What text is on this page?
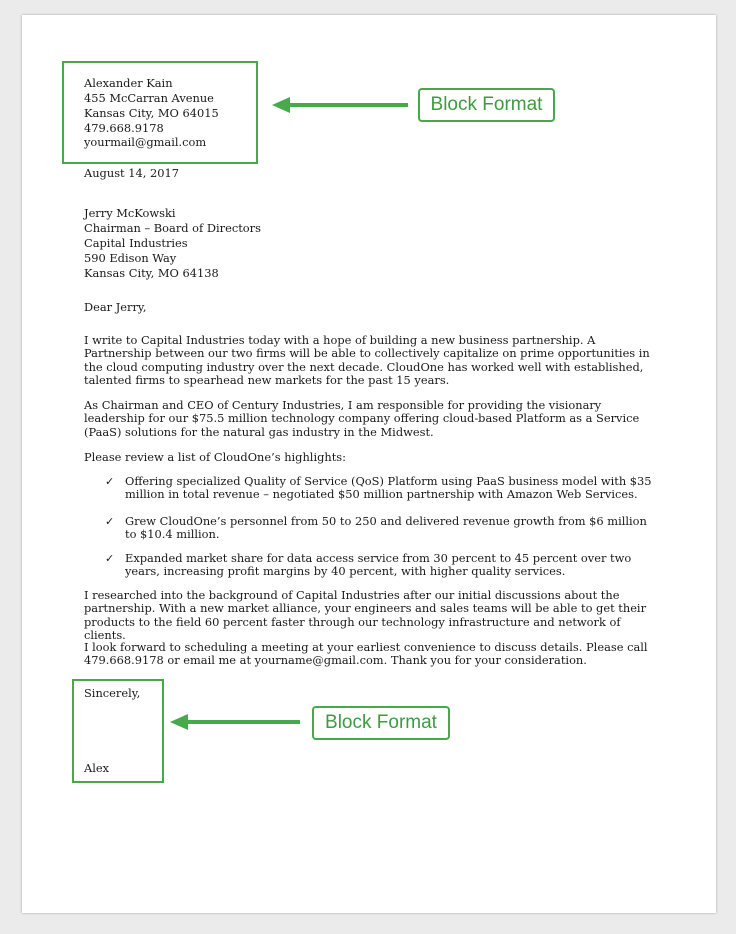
Alexander Kain
455 McCarran Avenue
Kansas City, MO 64015
479.668.9178
yourmail@gmail.com
August 14, 2017
Jerry McKowski
Chairman – Board of Directors
Capital Industries
590 Edison Way
Kansas City, MO 64138
Dear Jerry,
I write to Capital Industries today with a hope of building a new business partnership. A Partnership between our two firms will be able to collectively capitalize on prime opportunities in the cloud computing industry over the next decade. CloudOne has worked well with established, talented firms to spearhead new markets for the past 15 years.
As Chairman and CEO of Century Industries, I am responsible for providing the visionary leadership for our $75.5 million technology company offering cloud-based Platform as a Service (PaaS) solutions for the natural gas industry in the Midwest.
Please review a list of CloudOne’s highlights:
✓ Offering specialized Quality of Service (QoS) Platform using PaaS business model with $35 million in total revenue – negotiated $50 million partnership with Amazon Web Services.
✓ Grew CloudOne’s personnel from 50 to 250 and delivered revenue growth from $6 million to $10.4 million.
✓ Expanded market share for data access service from 30 percent to 45 percent over two years, increasing profit margins by 40 percent, with higher quality services.
I researched into the background of Capital Industries after our initial discussions about the partnership. With a new market alliance, your engineers and sales teams will be able to get their products to the field 60 percent faster through our technology infrastructure and network of clients.
I look forward to scheduling a meeting at your earliest convenience to discuss details. Please call 479.668.9178 or email me at yourname@gmail.com. Thank you for your consideration.
Sincerely,
Alex
Block Format
Block Format
